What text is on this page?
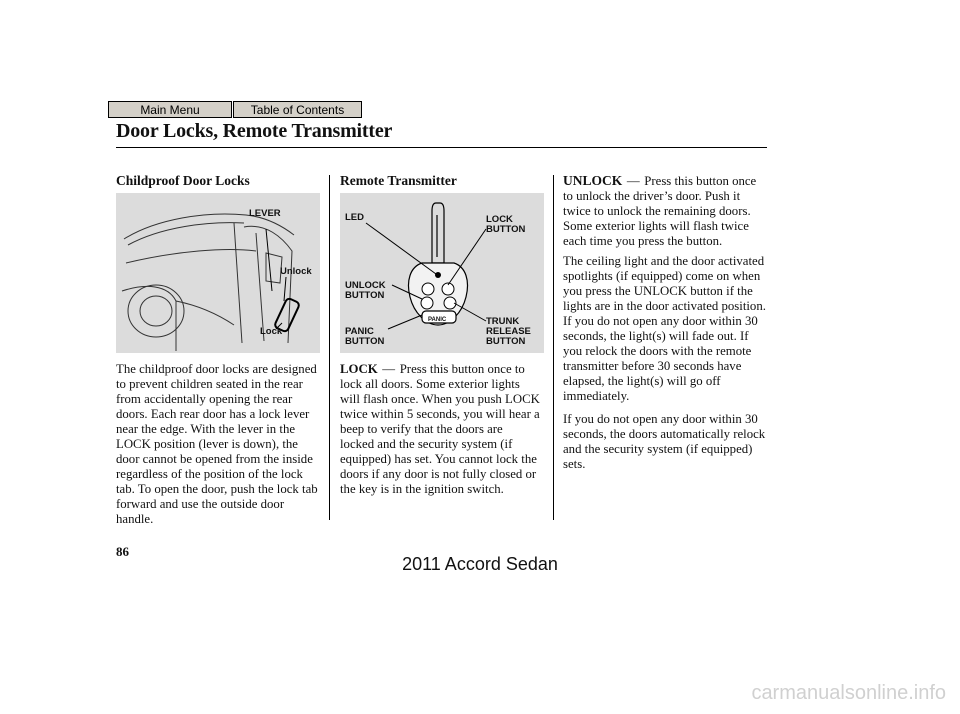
Main Menu	Table of Contents
Door Locks, Remote Transmitter
Childproof Door Locks
LEVER
Unlock
Lock

The childproof door locks are designed to prevent children seated in the rear from accidentally opening the rear doors. Each rear door has a lock lever near the edge. With the lever in the LOCK position (lever is down), the door cannot be opened from the inside regardless of the position of the lock tab. To open the door, push the lock tab forward and use the outside door handle.

Remote Transmitter
PANIC
LED	LOCK
BUTTON
UNLOCK
BUTTON
TRUNK
RELEASE
BUTTON
PANIC
BUTTON

LOCK — Press this button once to lock all doors. Some exterior lights will flash once. When you push LOCK twice within 5 seconds, you will hear a beep to verify that the doors are locked and the security system (if equipped) has set. You cannot lock the doors if any door is not fully closed or the key is in the ignition switch.

UNLOCK — Press this button once to unlock the driver’s door. Push it twice to unlock the remaining doors. Some exterior lights will flash twice each time you press the button.

The ceiling light and the door activated spotlights (if equipped) come on when you press the UNLOCK button if the lights are in the door activated position. If you do not open any door within 30 seconds, the light(s) will fade out. If you relock the doors with the remote transmitter before 30 seconds have elapsed, the light(s) will go off immediately.

If you do not open any door within 30 seconds, the doors automatically relock and the security system (if equipped) sets.

86
2011 Accord Sedan
carmanualsonline.info
